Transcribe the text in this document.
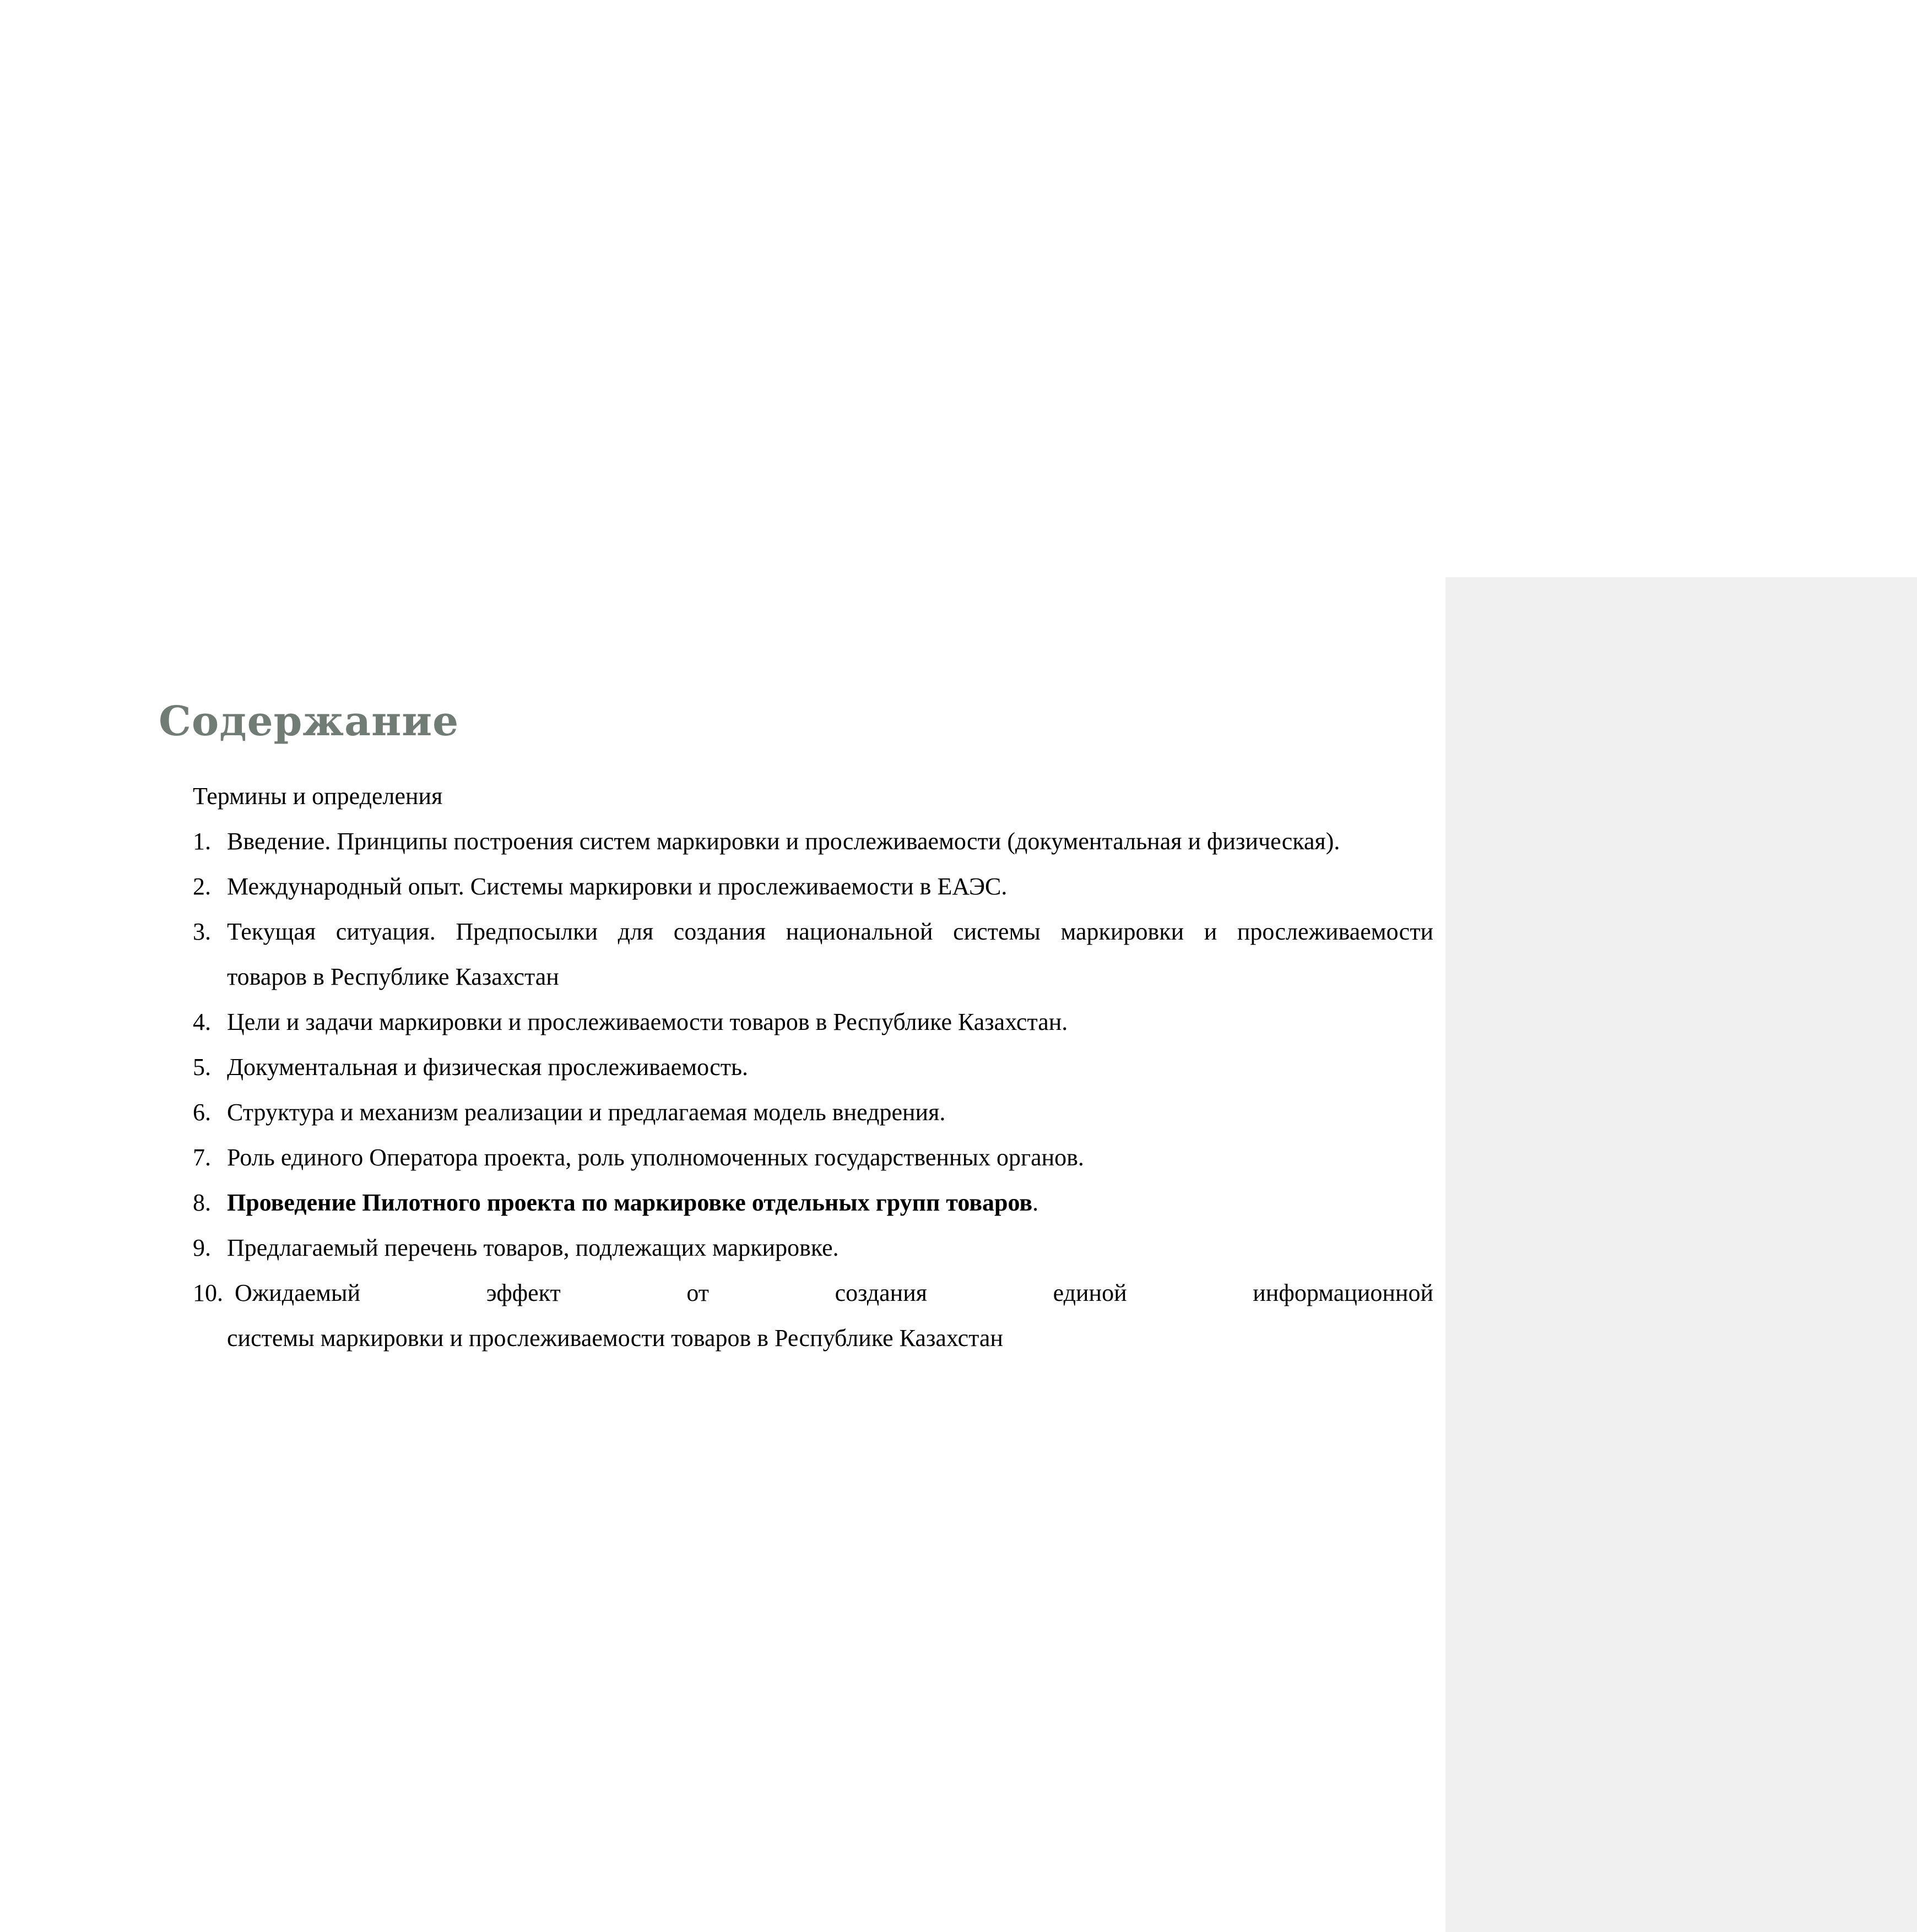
Содержание
Термины и определения
1. Введение. Принципы построения систем маркировки и прослеживаемости (документальная и физическая).
2. Международный опыт. Системы маркировки и прослеживаемости в ЕАЭС.
3. Текущая ситуация. Предпосылки для создания национальной системы маркировки и прослеживаемости
товаров в Республике Казахстан
4. Цели и задачи маркировки и прослеживаемости товаров в Республике Казахстан.
5. Документальная и физическая прослеживаемость.
6. Структура и механизм реализации и предлагаемая модель внедрения.
7. Роль единого Оператора проекта, роль уполномоченных государственных органов.
8. Проведение Пилотного проекта по маркировке отдельных групп товаров.
9. Предлагаемый перечень товаров, подлежащих маркировке.
10. Ожидаемый эффект от создания единой информационной
системы маркировки и прослеживаемости товаров в Республике Казахстан
